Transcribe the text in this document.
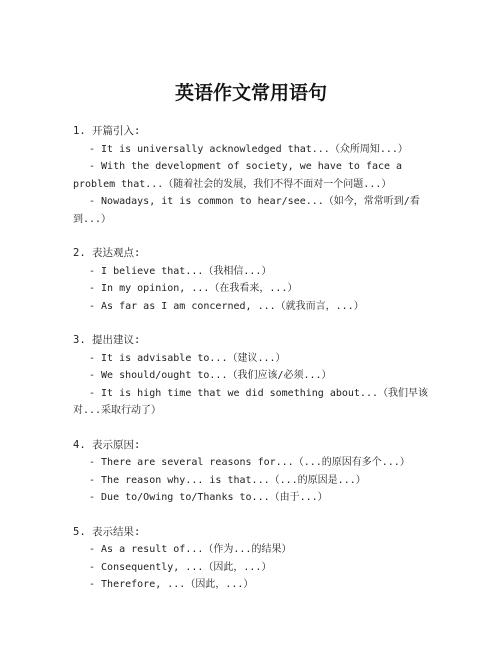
英语作文常用语句

1. 开篇引入:

- It is universally acknowledged that...（众所周知...）

- With the development of society, we have to face a problem that...（随着社会的发展，我们不得不面对一个问题...）

- Nowadays, it is common to hear/see...（如今，常常听到/看到...）

2. 表达观点:

- I believe that...（我相信...）

- In my opinion, ...（在我看来，...）

- As far as I am concerned, ...（就我而言，...）

3. 提出建议:

- It is advisable to...（建议...）

- We should/ought to...（我们应该/必须...）

- It is high time that we did something about...（我们早该对...采取行动了）

4. 表示原因:

- There are several reasons for...（...的原因有多个...）

- The reason why... is that...（...的原因是...）

- Due to/Owing to/Thanks to...（由于...）

5. 表示结果:

- As a result of...（作为...的结果）

- Consequently, ...（因此，...）

- Therefore, ...（因此，...）
